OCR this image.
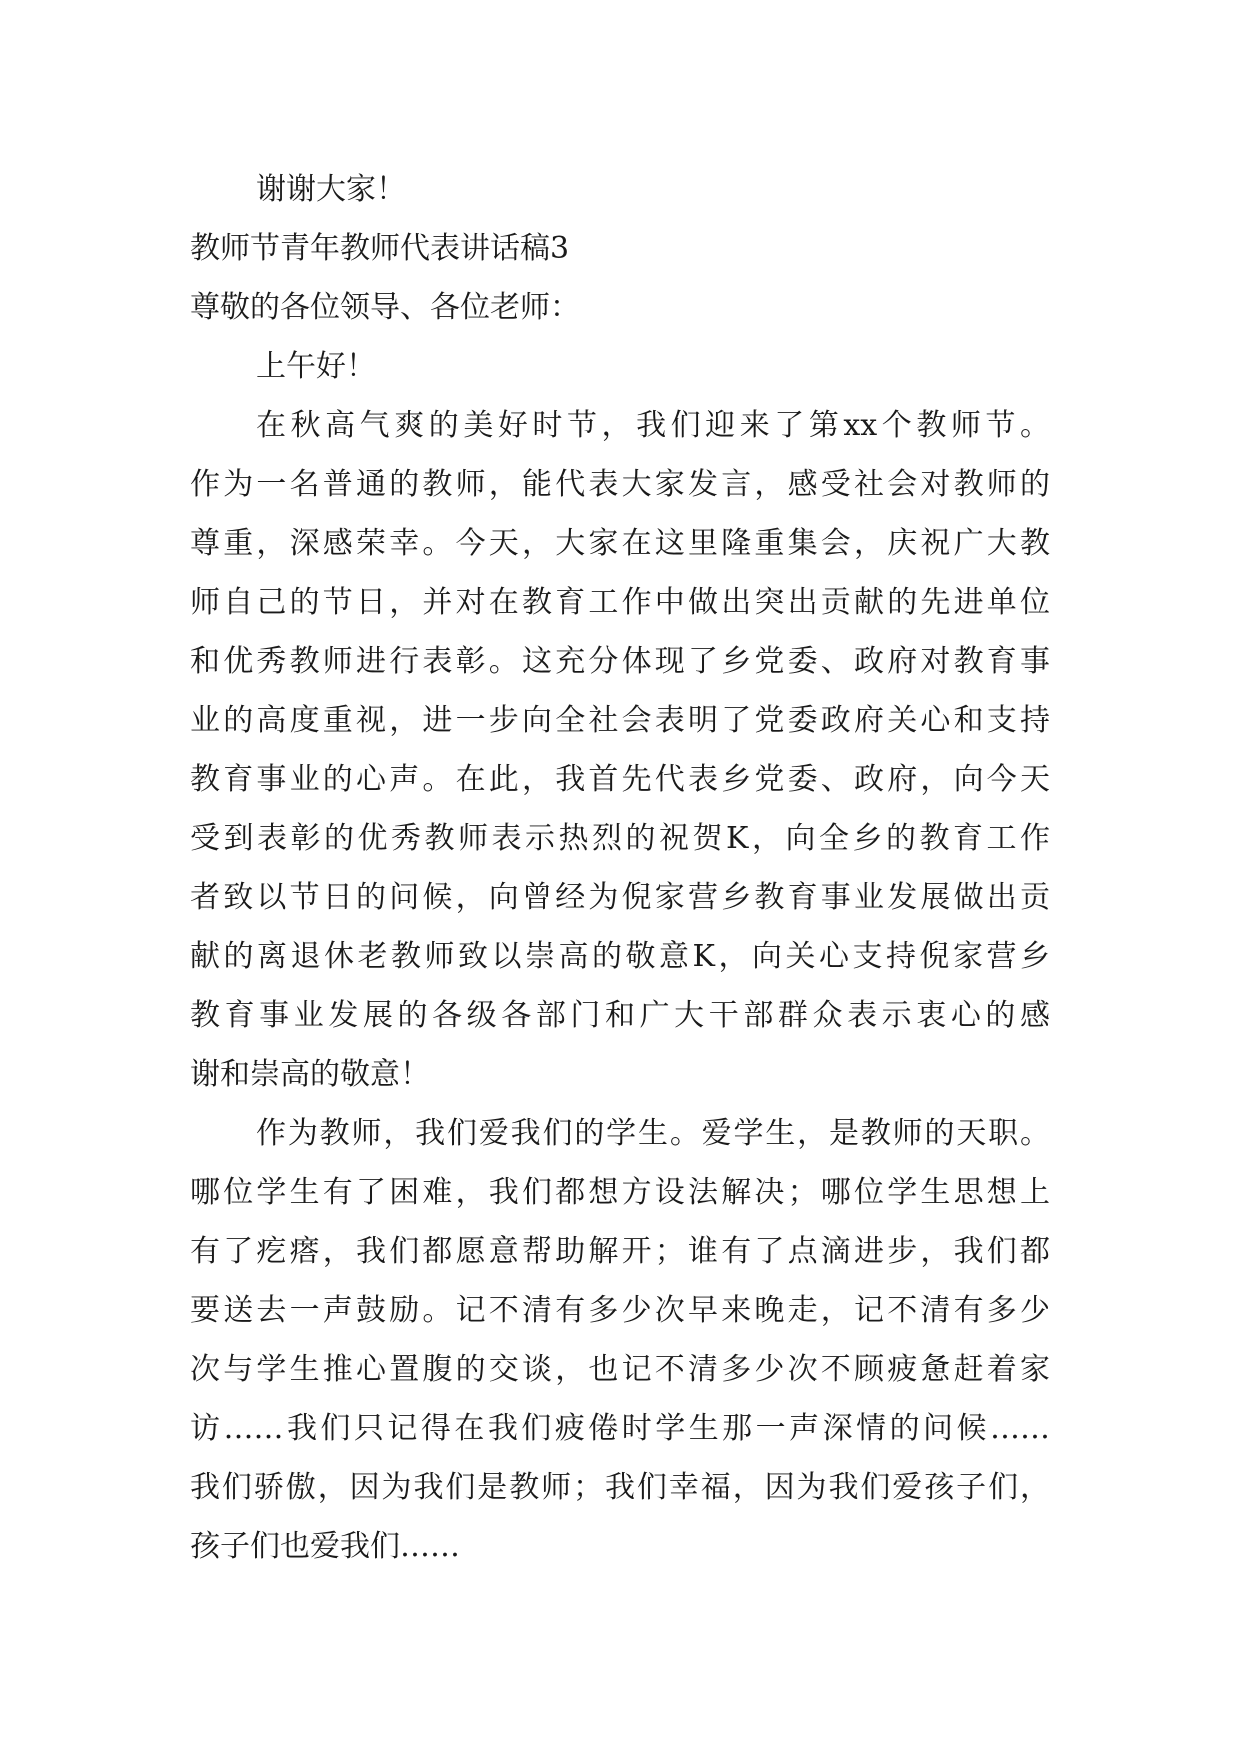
谢谢大家！
教师节青年教师代表讲话稿3
尊敬的各位领导、各位老师：
上午好！
在秋高气爽的美好时节，我们迎来了第xx个教师节。
作为一名普通的教师，能代表大家发言，感受社会对教师的
尊重，深感荣幸。今天，大家在这里隆重集会，庆祝广大教
师自己的节日，并对在教育工作中做出突出贡献的先进单位
和优秀教师进行表彰。这充分体现了乡党委、政府对教育事
业的高度重视，进一步向全社会表明了党委政府关心和支持
教育事业的心声。在此，我首先代表乡党委、政府，向今天
受到表彰的优秀教师表示热烈的祝贺K，向全乡的教育工作
者致以节日的问候，向曾经为倪家营乡教育事业发展做出贡
献的离退休老教师致以崇高的敬意K，向关心支持倪家营乡
教育事业发展的各级各部门和广大干部群众表示衷心的感
谢和崇高的敬意！
作为教师，我们爱我们的学生。爱学生，是教师的天职。
哪位学生有了困难，我们都想方设法解决；哪位学生思想上
有了疙瘩，我们都愿意帮助解开；谁有了点滴进步，我们都
要送去一声鼓励。记不清有多少次早来晚走，记不清有多少
次与学生推心置腹的交谈，也记不清多少次不顾疲惫赶着家
访……我们只记得在我们疲倦时学生那一声深情的问候……
我们骄傲，因为我们是教师；我们幸福，因为我们爱孩子们，
孩子们也爱我们……
